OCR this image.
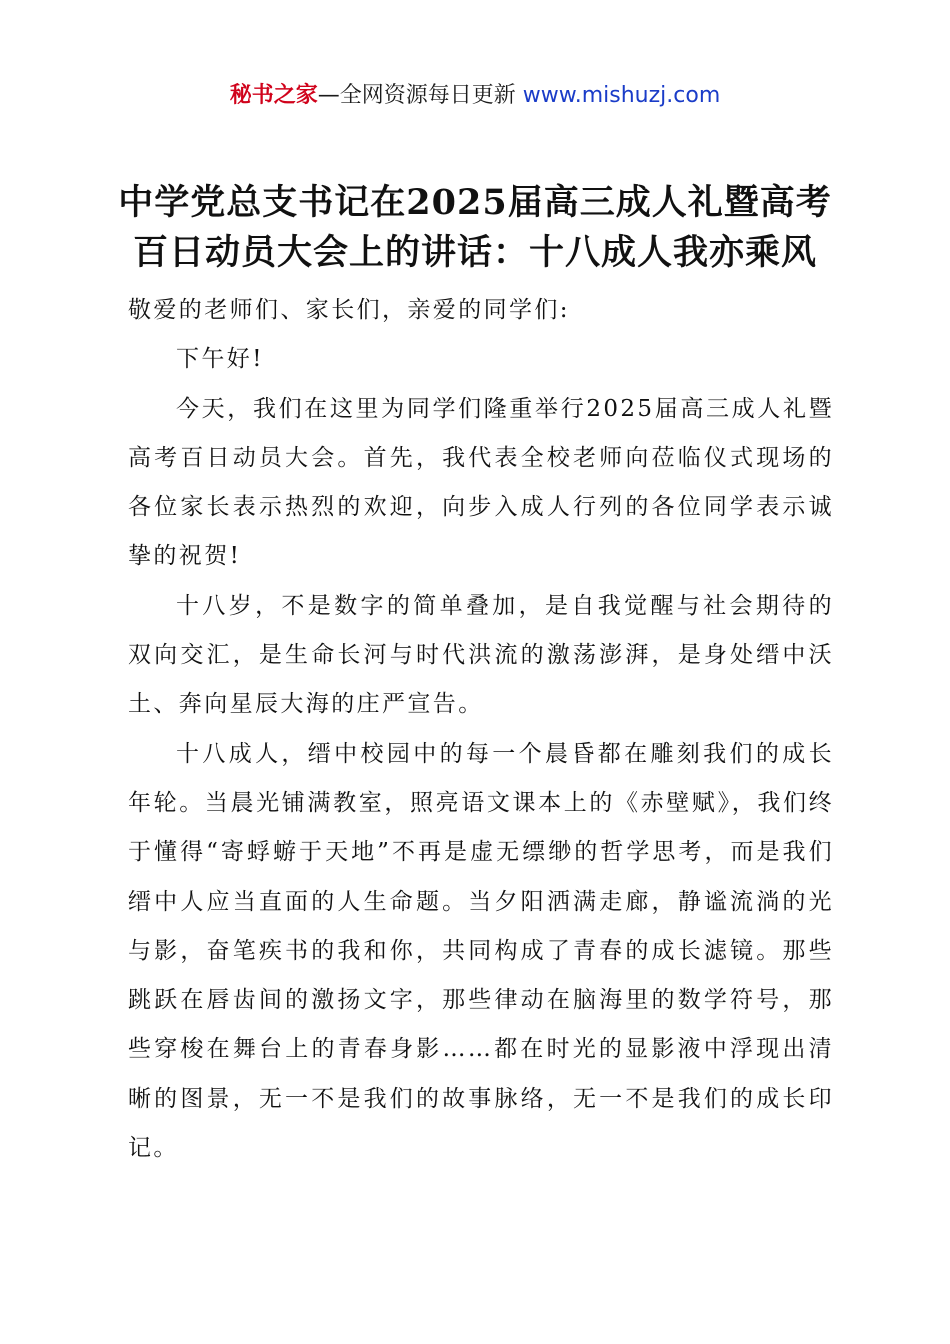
秘书之家—全网资源每日更新 www.mishuzj.com
中学党总支书记在2025届高三成人礼暨高考
百日动员大会上的讲话：十八成人我亦乘风

敬爱的老师们、家长们，亲爱的同学们:

下午好!

今天，我们在这里为同学们隆重举行2025届高三成人礼暨高考百日动员大会。首先，我代表全校老师向莅临仪式现场的各位家长表示热烈的欢迎，向步入成人行列的各位同学表示诚挚的祝贺!

十八岁，不是数字的简单叠加，是自我觉醒与社会期待的双向交汇，是生命长河与时代洪流的激荡澎湃，是身处缙中沃土、奔向星辰大海的庄严宣告。

十八成人，缙中校园中的每一个晨昏都在雕刻我们的成长年轮。当晨光铺满教室，照亮语文课本上的《赤壁赋》，我们终于懂得“寄蜉蝣于天地”不再是虚无缥缈的哲学思考，而是我们缙中人应当直面的人生命题。当夕阳洒满走廊，静谧流淌的光与影，奋笔疾书的我和你，共同构成了青春的成长滤镜。那些跳跃在唇齿间的激扬文字，那些律动在脑海里的数学符号，那些穿梭在舞台上的青春身影……都在时光的显影液中浮现出清晰的图景，无一不是我们的故事脉络，无一不是我们的成长印记。
